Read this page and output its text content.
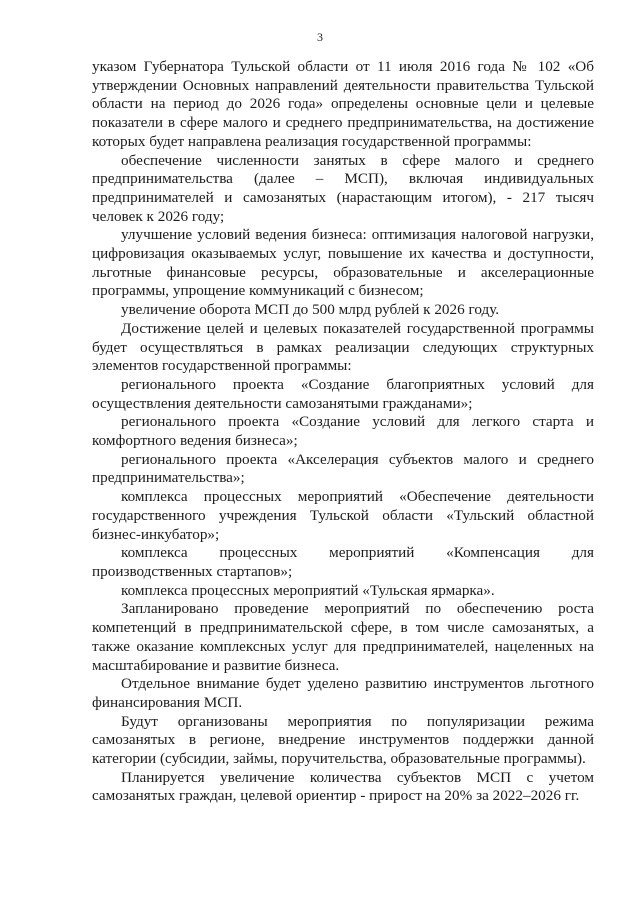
3

указом Губернатора Тульской области от 11 июля 2016 года № 102 «Об утверждении Основных направлений деятельности правительства Тульской области на период до 2026 года» определены основные цели и целевые показатели в сфере малого и среднего предпринимательства, на достижение которых будет направлена реализация государственной программы:

обеспечение численности занятых в сфере малого и среднего предпринимательства (далее – МСП), включая индивидуальных предпринимателей и самозанятых (нарастающим итогом), - 217 тысяч человек к 2026 году;

улучшение условий ведения бизнеса: оптимизация налоговой нагрузки, цифровизация оказываемых услуг, повышение их качества и доступности, льготные финансовые ресурсы, образовательные и акселерационные программы, упрощение коммуникаций с бизнесом;

увеличение оборота МСП до 500 млрд рублей к 2026 году.

Достижение целей и целевых показателей государственной программы будет осуществляться в рамках реализации следующих структурных элементов государственной программы:

регионального проекта «Создание благоприятных условий для осуществления деятельности самозанятыми гражданами»;

регионального проекта «Создание условий для легкого старта и комфортного ведения бизнеса»;

регионального проекта «Акселерация субъектов малого и среднего предпринимательства»;

комплекса процессных мероприятий «Обеспечение деятельности государственного учреждения Тульской области «Тульский областной бизнес-инкубатор»;

комплекса процессных мероприятий «Компенсация для производственных стартапов»;

комплекса процессных мероприятий «Тульская ярмарка».

Запланировано проведение мероприятий по обеспечению роста компетенций в предпринимательской сфере, в том числе самозанятых, а также оказание комплексных услуг для предпринимателей, нацеленных на масштабирование и развитие бизнеса.

Отдельное внимание будет уделено развитию инструментов льготного финансирования МСП.

Будут организованы мероприятия по популяризации режима самозанятых в регионе, внедрение инструментов поддержки данной категории (субсидии, займы, поручительства, образовательные программы).

Планируется увеличение количества субъектов МСП с учетом самозанятых граждан, целевой ориентир - прирост на 20% за 2022–2026 гг.
